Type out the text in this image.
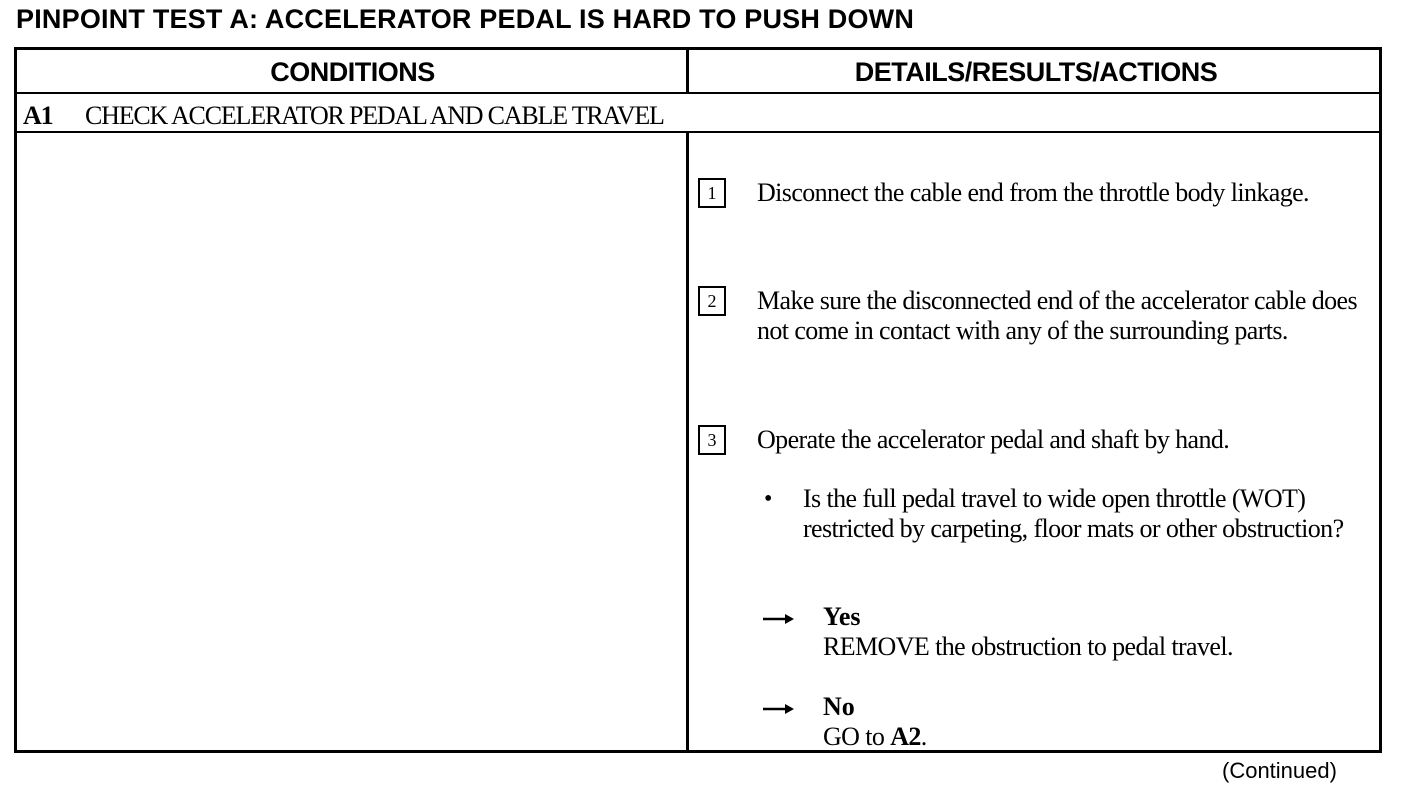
PINPOINT TEST A: ACCELERATOR PEDAL IS HARD TO PUSH DOWN
CONDITIONS	DETAILS/RESULTS/ACTIONS
A1 CHECK ACCELERATOR PEDAL AND CABLE TRAVEL
1	Disconnect the cable end from the throttle body linkage.
2	Make sure the disconnected end of the accelerator cable does not come in contact with any of the surrounding parts.
3	Operate the accelerator pedal and shaft by hand.
• Is the full pedal travel to wide open throttle (WOT) restricted by carpeting, floor mats or other obstruction?
Yes
REMOVE the obstruction to pedal travel.
No
GO to A2.
(Continued)
